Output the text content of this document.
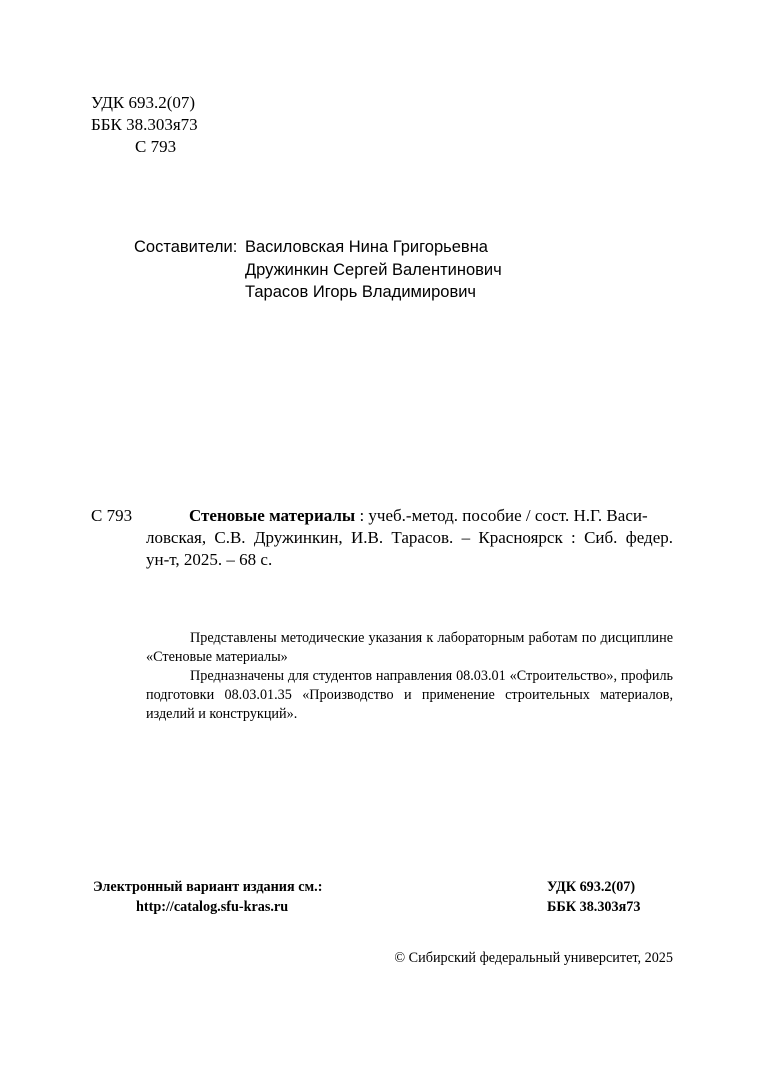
УДК 693.2(07)
ББК 38.303я73
С 793
Составители: Василовская Нина Григорьевна
Дружинкин Сергей Валентинович
Тарасов Игорь Владимирович
С 793	Стеновые материалы : учеб.-метод. пособие / сост. Н.Г. Васи-
ловская, С.В. Дружинкин, И.В. Тарасов. – Красноярск : Сиб. федер.
ун-т, 2025. – 68 с.

Представлены методические указания к лабораторным работам по дисциплине «Стеновые материалы»

Предназначены для студентов направления 08.03.01 «Строительство», профиль подготовки 08.03.01.35 «Производство и применение строительных материалов, изделий и конструкций».

Электронный вариант издания см.:
http://catalog.sfu-kras.ru
УДК 693.2(07)
ББК 38.303я73
© Сибирский федеральный университет, 2025
